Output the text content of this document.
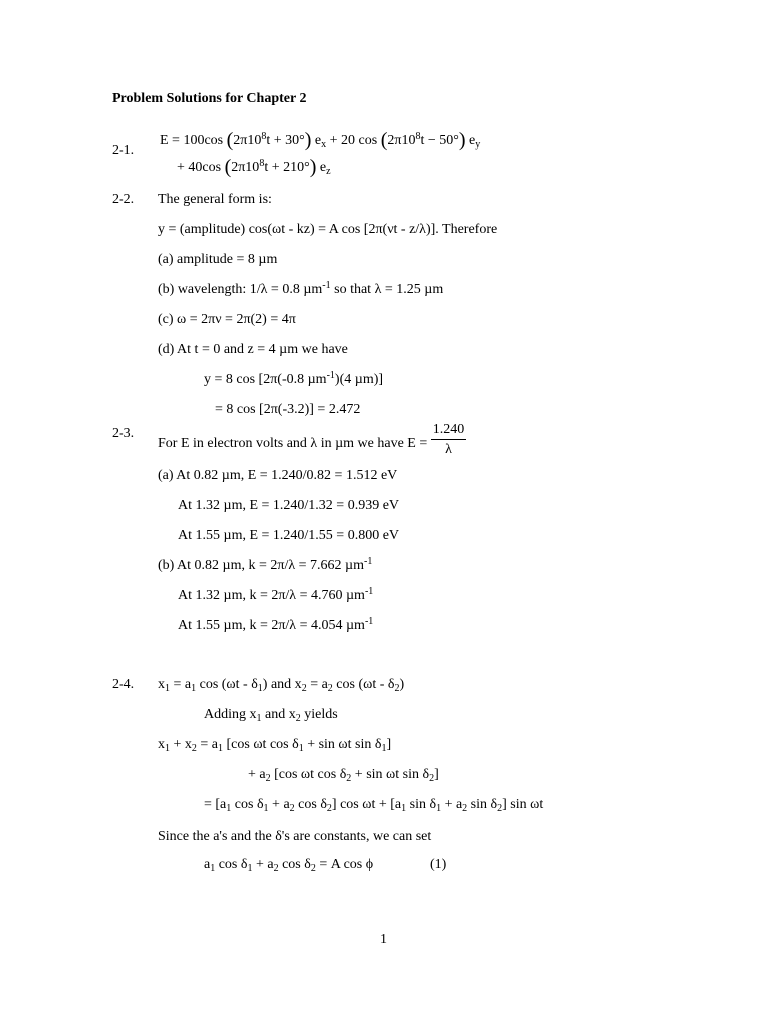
Problem Solutions for Chapter 2
2-1.
E = 100cos $(2\pi 10^8t + 30^\circ) e_x + 20$ $\cos (2\pi 10^8t - 50^\circ)$ $e_y$
+ 40cos $(2\pi 10^8t + 210^\circ)$ $e_z$
2-2. The general form is:
y = (amplitude) cos(ωt - kz) = A cos [2π(νt - z/λ)]. Therefore
(a) amplitude = 8 µm
(b) wavelength: 1/λ = 0.8 µm$^{-1}$ so that λ = 1.25 µm
(c) ω = 2πν = 2π(2) = 4π
(d) At t = 0 and z = 4 µm we have
y = 8 cos [2π(-0.8 µm$^{-1}$)(4 µm)]
= 8 cos [2π(-3.2)] = 2.472
2-3.
For E in electron volts and λ in µm we have $E = \frac{1.240}{\lambda}$
(a) At 0.82 µm, E = 1.240/0.82 = 1.512 eV
At 1.32 µm, E = 1.240/1.32 = 0.939 eV
At 1.55 µm, E = 1.240/1.55 = 0.800 eV
(b) At 0.82 µm, k = 2π/λ = 7.662 µm$^{-1}$
At 1.32 µm, k = 2π/λ = 4.760 µm$^{-1}$
At 1.55 µm, k = 2π/λ = 4.054 µm$^{-1}$
2-4. $x_1 = a_1$ $\cos (\omega t - \delta_1)$ and $x_2 = a_2$ $\cos (\omega t - \delta_2)$
Adding $x_1$ and $x_2$ yields
$x_1 + x_2 = a_1$ [cos ωt $\cos \delta_1 + \sin \omega t$ $\sin \delta_1$]
+ $a_2$ [cos ωt $\cos \delta_2 + \sin \omega t$ $\sin \delta_2$]
= [$a_1$ $\cos \delta_1 + a_2$ $\cos \delta_2$] $\cos \omega t + [a_1$ $\sin \delta_1 + a_2$ $\sin \delta_2$] sin ωt
Since the a's and the δ's are constants, we can set
$a_1$ $\cos \delta_1 + a_2$ $\cos \delta_2 = A$ cos ϕ	(1)
1
